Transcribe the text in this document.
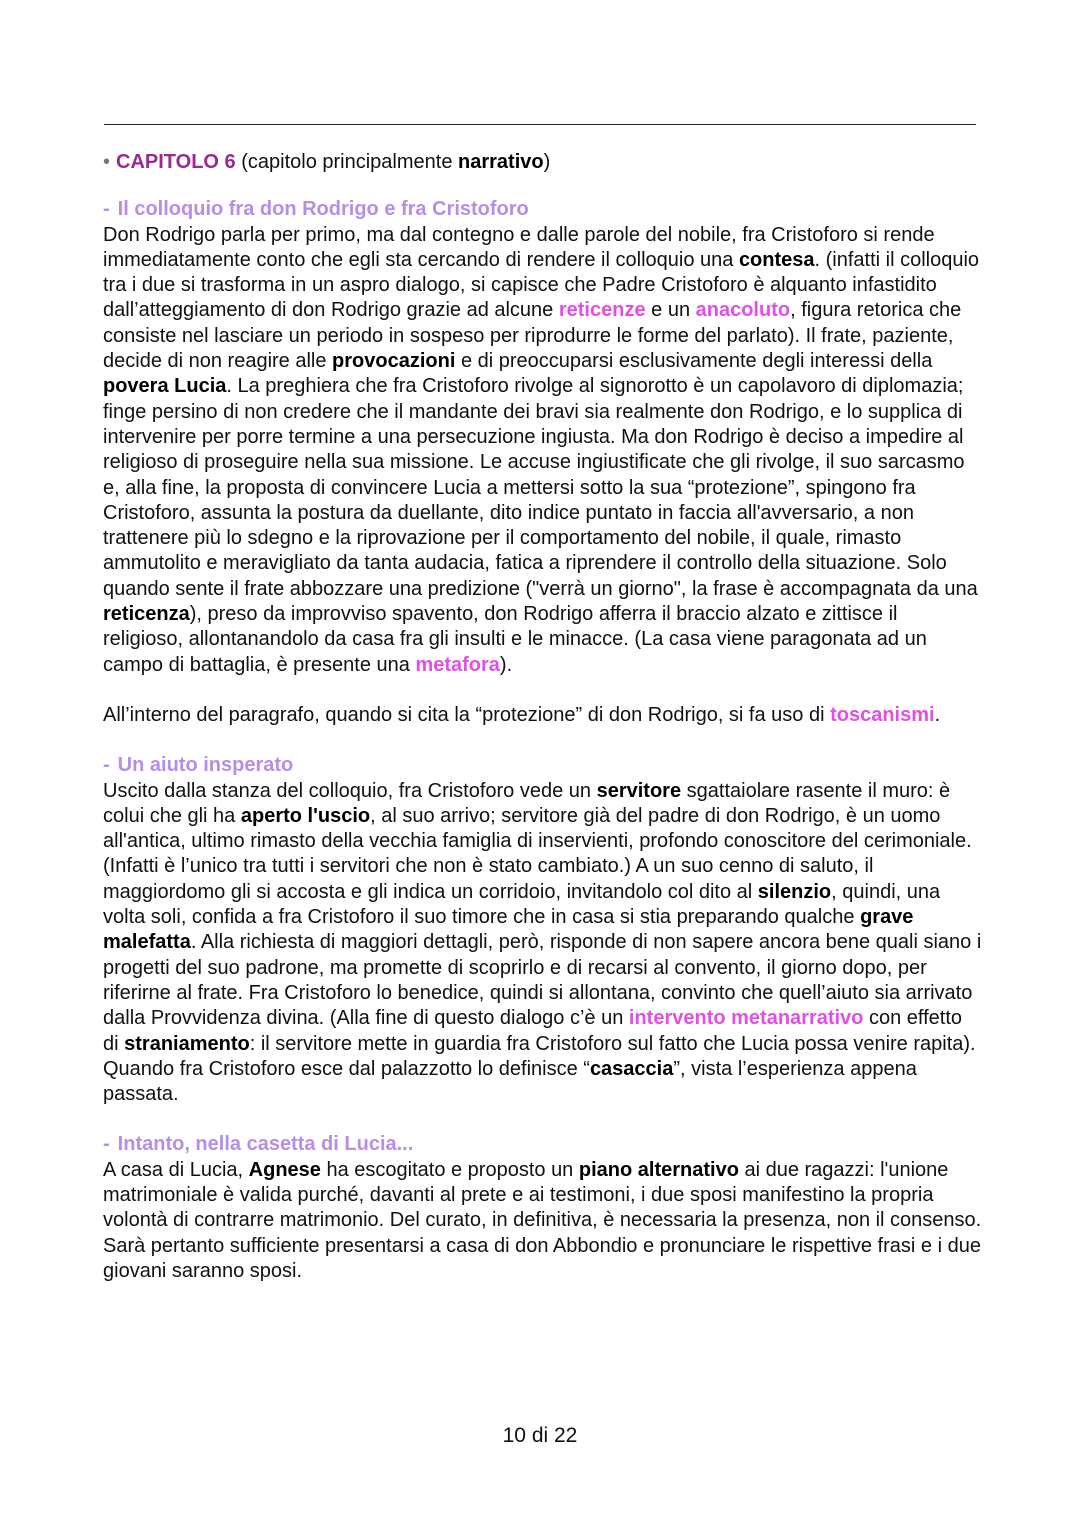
• CAPITOLO 6 (capitolo principalmente narrativo)

- Il colloquio fra don Rodrigo e fra Cristoforo

Don Rodrigo parla per primo, ma dal contegno e dalle parole del nobile, fra Cristoforo si rende immediatamente conto che egli sta cercando di rendere il colloquio una contesa. (infatti il colloquio tra i due si trasforma in un aspro dialogo, si capisce che Padre Cristoforo è alquanto infastidito dall’atteggiamento di don Rodrigo grazie ad alcune reticenze e un anacoluto, figura retorica che consiste nel lasciare un periodo in sospeso per riprodurre le forme del parlato). Il frate, paziente, decide di non reagire alle provocazioni e di preoccuparsi esclusivamente degli interessi della povera Lucia. La preghiera che fra Cristoforo rivolge al signorotto è un capolavoro di diplomazia; finge persino di non credere che il mandante dei bravi sia realmente don Rodrigo, e lo supplica di intervenire per porre termine a una persecuzione ingiusta. Ma don Rodrigo è deciso a impedire al religioso di proseguire nella sua missione. Le accuse ingiustificate che gli rivolge, il suo sarcasmo e, alla fine, la proposta di convincere Lucia a mettersi sotto la sua “protezione”, spingono fra Cristoforo, assunta la postura da duellante, dito indice puntato in faccia all'avversario, a non trattenere più lo sdegno e la riprovazione per il comportamento del nobile, il quale, rimasto ammutolito e meravigliato da tanta audacia, fatica a riprendere il controllo della situazione. Solo quando sente il frate abbozzare una predizione ("verrà un giorno", la frase è accompagnata da una reticenza), preso da improvviso spavento, don Rodrigo afferra il braccio alzato e zittisce il religioso, allontanandolo da casa fra gli insulti e le minacce. (La casa viene paragonata ad un campo di battaglia, è presente una metafora).

All’interno del paragrafo, quando si cita la “protezione” di don Rodrigo, si fa uso di toscanismi.

- Un aiuto insperato

Uscito dalla stanza del colloquio, fra Cristoforo vede un servitore sgattaiolare rasente il muro: è colui che gli ha aperto l'uscio, al suo arrivo; servitore già del padre di don Rodrigo, è un uomo all'antica, ultimo rimasto della vecchia famiglia di inservienti, profondo conoscitore del cerimoniale. (Infatti è l’unico tra tutti i servitori che non è stato cambiato.) A un suo cenno di saluto, il maggiordomo gli si accosta e gli indica un corridoio, invitandolo col dito al silenzio, quindi, una volta soli, confida a fra Cristoforo il suo timore che in casa si stia preparando qualche grave malefatta. Alla richiesta di maggiori dettagli, però, risponde di non sapere ancora bene quali siano i progetti del suo padrone, ma promette di scoprirlo e di recarsi al convento, il giorno dopo, per riferirne al frate. Fra Cristoforo lo benedice, quindi si allontana, convinto che quell’aiuto sia arrivato dalla Provvidenza divina. (Alla fine di questo dialogo c’è un intervento metanarrativo con effetto di straniamento: il servitore mette in guardia fra Cristoforo sul fatto che Lucia possa venire rapita). Quando fra Cristoforo esce dal palazzotto lo definisce “casaccia”, vista l’esperienza appena passata.

- Intanto, nella casetta di Lucia...

A casa di Lucia, Agnese ha escogitato e proposto un piano alternativo ai due ragazzi: l'unione matrimoniale è valida purché, davanti al prete e ai testimoni, i due sposi manifestino la propria volontà di contrarre matrimonio. Del curato, in definitiva, è necessaria la presenza, non il consenso. Sarà pertanto sufficiente presentarsi a casa di don Abbondio e pronunciare le rispettive frasi e i due giovani saranno sposi.

10 di 22
